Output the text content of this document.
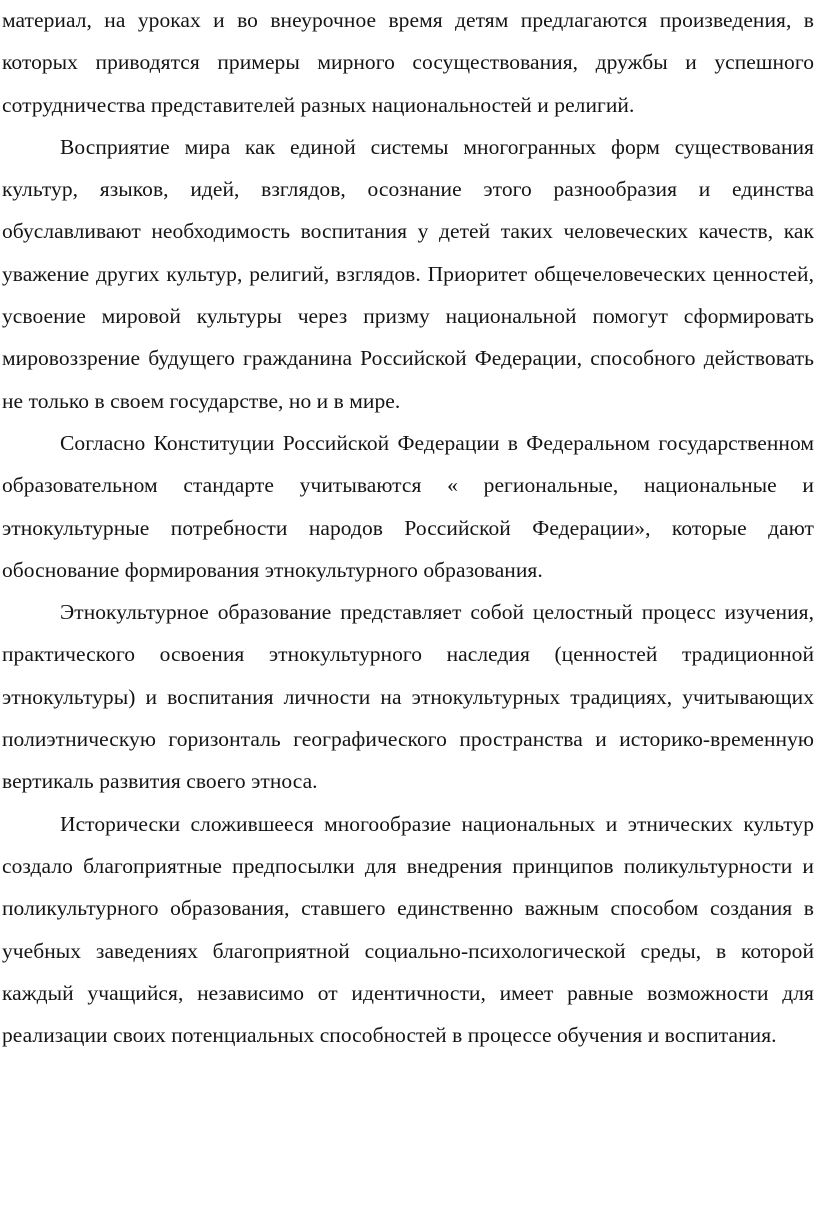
материал, на уроках и во внеурочное время детям предлагаются произведения, в которых приводятся примеры мирного сосуществования, дружбы и успешного сотрудничества представителей разных национальностей и религий.

Восприятие мира как единой системы многогранных форм существования культур, языков, идей, взглядов, осознание этого разнообразия и единства обуславливают необходимость воспитания у детей таких человеческих качеств, как уважение других культур, религий, взглядов. Приоритет общечеловеческих ценностей, усвоение мировой культуры через призму национальной помогут сформировать мировоззрение будущего гражданина Российской Федерации, способного действовать не только в своем государстве, но и в мире.

Согласно Конституции Российской Федерации в Федеральном государственном образовательном стандарте учитываются « региональные, национальные и этнокультурные потребности народов Российской Федерации», которые дают обоснование формирования этнокультурного образования.

Этнокультурное образование представляет собой целостный процесс изучения, практического освоения этнокультурного наследия (ценностей традиционной этнокультуры) и воспитания личности на этнокультурных традициях, учитывающих полиэтническую горизонталь географического пространства и историко-временную вертикаль развития своего этноса.

Исторически сложившееся многообразие национальных и этнических культур создало благоприятные предпосылки для внедрения принципов поликультурности и поликультурного образования, ставшего единственно важным способом создания в учебных заведениях благоприятной социально-психологической среды, в которой каждый учащийся, независимо от идентичности, имеет равные возможности для реализации своих потенциальных способностей в процессе обучения и воспитания.
